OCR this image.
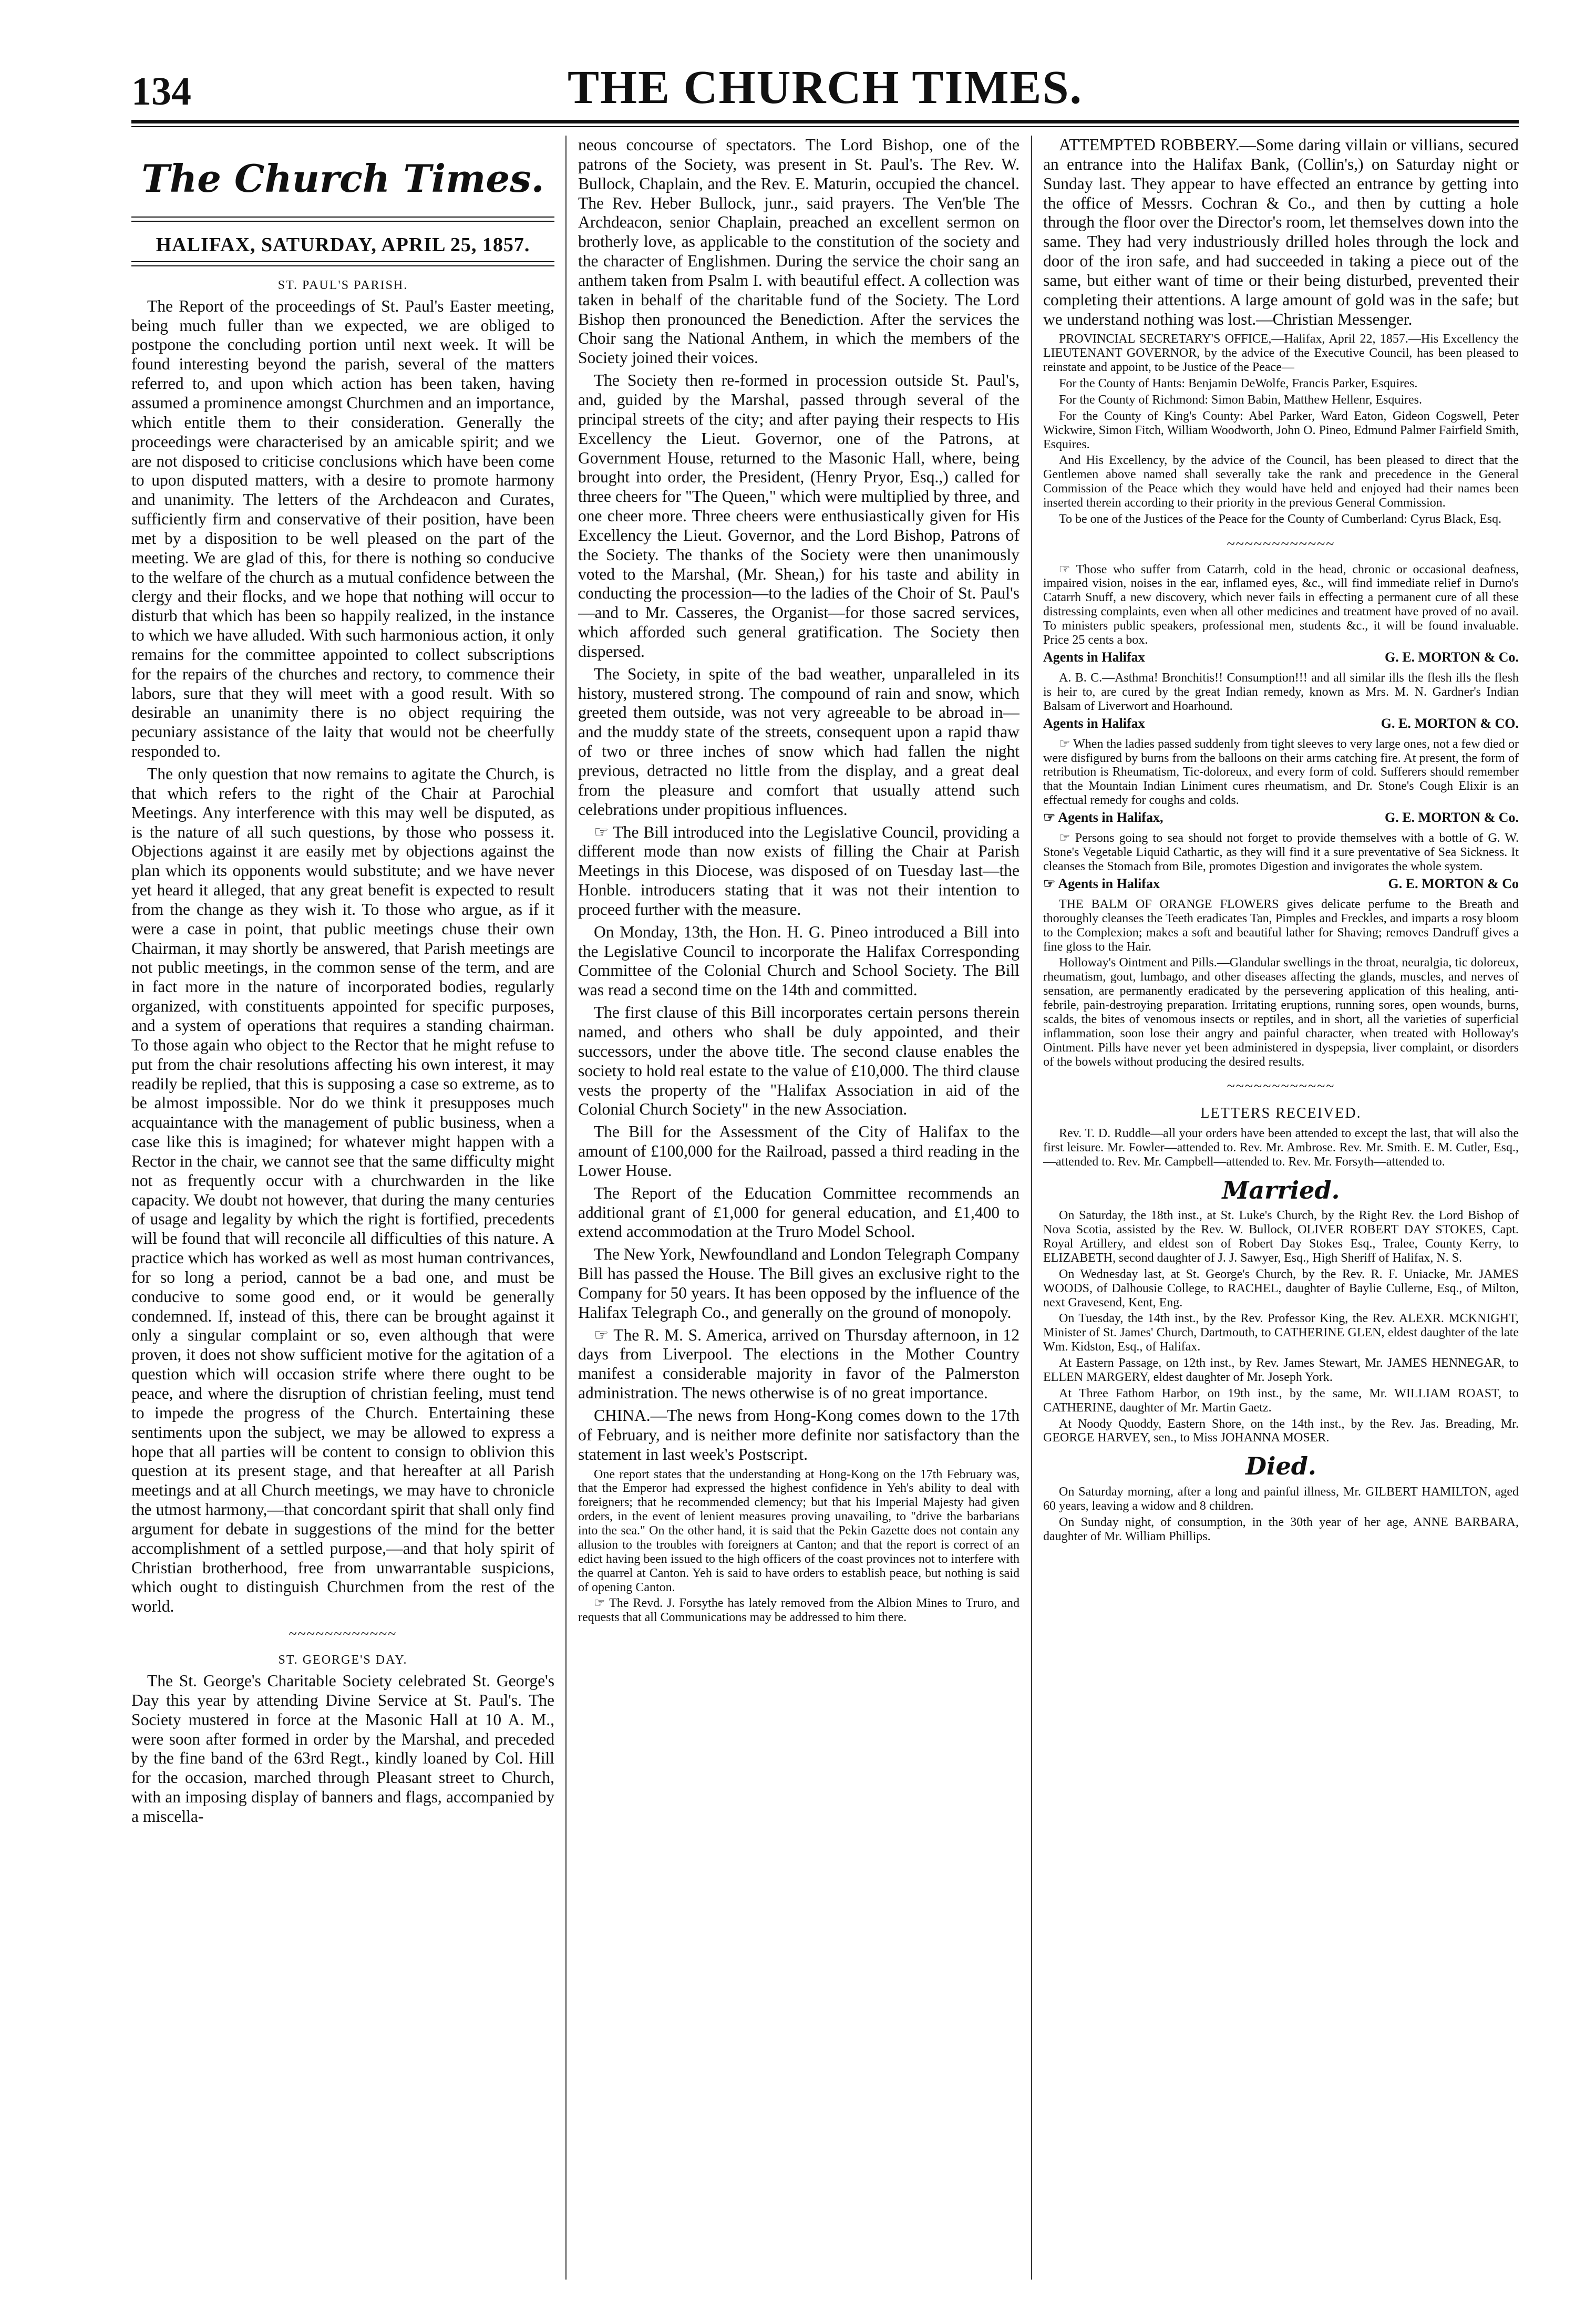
134	THE CHURCH TIMES.
The Church Times.

HALIFAX, SATURDAY, APRIL 25, 1857.

ST. PAUL'S PARISH.

The Report of the proceedings of St. Paul's Easter meeting, being much fuller than we expected, we are obliged to postpone the concluding portion until next week. It will be found interesting beyond the parish, several of the matters referred to, and upon which action has been taken, having assumed a prominence amongst Churchmen and an importance, which entitle them to their consideration. Generally the proceedings were characterised by an amicable spirit; and we are not disposed to criticise conclusions which have been come to upon disputed matters, with a desire to promote harmony and unanimity. The letters of the Archdeacon and Curates, sufficiently firm and conservative of their position, have been met by a disposition to be well pleased on the part of the meeting. We are glad of this, for there is nothing so conducive to the welfare of the church as a mutual confidence between the clergy and their flocks, and we hope that nothing will occur to disturb that which has been so happily realized, in the instance to which we have alluded. With such harmonious action, it only remains for the committee appointed to collect subscriptions for the repairs of the churches and rectory, to commence their labors, sure that they will meet with a good result. With so desirable an unanimity there is no object requiring the pecuniary assistance of the laity that would not be cheerfully responded to.

The only question that now remains to agitate the Church, is that which refers to the right of the Chair at Parochial Meetings. Any interference with this may well be disputed, as is the nature of all such questions, by those who possess it. Objections against it are easily met by objections against the plan which its opponents would substitute; and we have never yet heard it alleged, that any great benefit is expected to result from the change as they wish it. To those who argue, as if it were a case in point, that public meetings chuse their own Chairman, it may shortly be answered, that Parish meetings are not public meetings, in the common sense of the term, and are in fact more in the nature of incorporated bodies, regularly organized, with constituents appointed for specific purposes, and a system of operations that requires a standing chairman. To those again who object to the Rector that he might refuse to put from the chair resolutions affecting his own interest, it may readily be replied, that this is supposing a case so extreme, as to be almost impossible. Nor do we think it presupposes much acquaintance with the management of public business, when a case like this is imagined; for whatever might happen with a Rector in the chair, we cannot see that the same difficulty might not as frequently occur with a churchwarden in the like capacity. We doubt not however, that during the many centuries of usage and legality by which the right is fortified, precedents will be found that will reconcile all difficulties of this nature. A practice which has worked as well as most human contrivances, for so long a period, cannot be a bad one, and must be conducive to some good end, or it would be generally condemned. If, instead of this, there can be brought against it only a singular complaint or so, even although that were proven, it does not show sufficient motive for the agitation of a question which will occasion strife where there ought to be peace, and where the disruption of christian feeling, must tend to impede the progress of the Church. Entertaining these sentiments upon the subject, we may be allowed to express a hope that all parties will be content to consign to oblivion this question at its present stage, and that hereafter at all Parish meetings and at all Church meetings, we may have to chronicle the utmost harmony,—that concordant spirit that shall only find argument for debate in suggestions of the mind for the better accomplishment of a settled purpose,—and that holy spirit of Christian brotherhood, free from unwarrantable suspicions, which ought to distinguish Churchmen from the rest of the world.

~~~~~~~~~~~~

ST. GEORGE'S DAY.

The St. George's Charitable Society celebrated St. George's Day this year by attending Divine Service at St. Paul's. The Society mustered in force at the Masonic Hall at 10 A. M., were soon after formed in order by the Marshal, and preceded by the fine band of the 63rd Regt., kindly loaned by Col. Hill for the occasion, marched through Pleasant street to Church, with an imposing display of banners and flags, accompanied by a miscella-

neous concourse of spectators. The Lord Bishop, one of the patrons of the Society, was present in St. Paul's. The Rev. W. Bullock, Chaplain, and the Rev. E. Maturin, occupied the chancel. The Rev. Heber Bullock, junr., said prayers. The Ven'ble The Archdeacon, senior Chaplain, preached an excellent sermon on brotherly love, as applicable to the constitution of the society and the character of Englishmen. During the service the choir sang an anthem taken from Psalm I. with beautiful effect. A collection was taken in behalf of the charitable fund of the Society. The Lord Bishop then pronounced the Benediction. After the services the Choir sang the National Anthem, in which the members of the Society joined their voices.

The Society then re-formed in procession outside St. Paul's, and, guided by the Marshal, passed through several of the principal streets of the city; and after paying their respects to His Excellency the Lieut. Governor, one of the Patrons, at Government House, returned to the Masonic Hall, where, being brought into order, the President, (Henry Pryor, Esq.,) called for three cheers for "The Queen," which were multiplied by three, and one cheer more. Three cheers were enthusiastically given for His Excellency the Lieut. Governor, and the Lord Bishop, Patrons of the Society. The thanks of the Society were then unanimously voted to the Marshal, (Mr. Shean,) for his taste and ability in conducting the procession—to the ladies of the Choir of St. Paul's—and to Mr. Casseres, the Organist—for those sacred services, which afforded such general gratification. The Society then dispersed.

The Society, in spite of the bad weather, unparalleled in its history, mustered strong. The compound of rain and snow, which greeted them outside, was not very agreeable to be abroad in—and the muddy state of the streets, consequent upon a rapid thaw of two or three inches of snow which had fallen the night previous, detracted no little from the display, and a great deal from the pleasure and comfort that usually attend such celebrations under propitious influences.

☞ The Bill introduced into the Legislative Council, providing a different mode than now exists of filling the Chair at Parish Meetings in this Diocese, was disposed of on Tuesday last—the Honble. introducers stating that it was not their intention to proceed further with the measure.

On Monday, 13th, the Hon. H. G. Pineo introduced a Bill into the Legislative Council to incorporate the Halifax Corresponding Committee of the Colonial Church and School Society. The Bill was read a second time on the 14th and committed.

The first clause of this Bill incorporates certain persons therein named, and others who shall be duly appointed, and their successors, under the above title. The second clause enables the society to hold real estate to the value of £10,000. The third clause vests the property of the "Halifax Association in aid of the Colonial Church Society" in the new Association.

The Bill for the Assessment of the City of Halifax to the amount of £100,000 for the Railroad, passed a third reading in the Lower House.

The Report of the Education Committee recommends an additional grant of £1,000 for general education, and £1,400 to extend accommodation at the Truro Model School.

The New York, Newfoundland and London Telegraph Company Bill has passed the House. The Bill gives an exclusive right to the Company for 50 years. It has been opposed by the influence of the Halifax Telegraph Co., and generally on the ground of monopoly.

☞ The R. M. S. America, arrived on Thursday afternoon, in 12 days from Liverpool. The elections in the Mother Country manifest a considerable majority in favor of the Palmerston administration. The news otherwise is of no great importance.

CHINA.—The news from Hong-Kong comes down to the 17th of February, and is neither more definite nor satisfactory than the statement in last week's Postscript.

One report states that the understanding at Hong-Kong on the 17th February was, that the Emperor had expressed the highest confidence in Yeh's ability to deal with foreigners; that he recommended clemency; but that his Imperial Majesty had given orders, in the event of lenient measures proving unavailing, to "drive the barbarians into the sea." On the other hand, it is said that the Pekin Gazette does not contain any allusion to the troubles with foreigners at Canton; and that the report is correct of an edict having been issued to the high officers of the coast provinces not to interfere with the quarrel at Canton. Yeh is said to have orders to establish peace, but nothing is said of opening Canton.

☞ The Revd. J. Forsythe has lately removed from the Albion Mines to Truro, and requests that all Communications may be addressed to him there.

ATTEMPTED ROBBERY.—Some daring villain or villians, secured an entrance into the Halifax Bank, (Collin's,) on Saturday night or Sunday last. They appear to have effected an entrance by getting into the office of Messrs. Cochran & Co., and then by cutting a hole through the floor over the Director's room, let themselves down into the same. They had very industriously drilled holes through the lock and door of the iron safe, and had succeeded in taking a piece out of the same, but either want of time or their being disturbed, prevented their completing their attentions. A large amount of gold was in the safe; but we understand nothing was lost.—Christian Messenger.

PROVINCIAL SECRETARY'S OFFICE,—Halifax, April 22, 1857.—His Excellency the LIEUTENANT GOVERNOR, by the advice of the Executive Council, has been pleased to reinstate and appoint, to be Justice of the Peace—

For the County of Hants: Benjamin DeWolfe, Francis Parker, Esquires.

For the County of Richmond: Simon Babin, Matthew Hellenr, Esquires.

For the County of King's County: Abel Parker, Ward Eaton, Gideon Cogswell, Peter Wickwire, Simon Fitch, William Woodworth, John O. Pineo, Edmund Palmer Fairfield Smith, Esquires.

And His Excellency, by the advice of the Council, has been pleased to direct that the Gentlemen above named shall severally take the rank and precedence in the General Commission of the Peace which they would have held and enjoyed had their names been inserted therein according to their priority in the previous General Commission.

To be one of the Justices of the Peace for the County of Cumberland: Cyrus Black, Esq.

~~~~~~~~~~~~

☞ Those who suffer from Catarrh, cold in the head, chronic or occasional deafness, impaired vision, noises in the ear, inflamed eyes, &c., will find immediate relief in Durno's Catarrh Snuff, a new discovery, which never fails in effecting a permanent cure of all these distressing complaints, even when all other medicines and treatment have proved of no avail. To ministers public speakers, professional men, students &c., it will be found invaluable. Price 25 cents a box.

Agents in Halifax	G. E. MORTON & Co.

A. B. C.—Asthma! Bronchitis!! Consumption!!! and all similar ills the flesh ills the flesh is heir to, are cured by the great Indian remedy, known as Mrs. M. N. Gardner's Indian Balsam of Liverwort and Hoarhound.

Agents in Halifax	G. E. MORTON & CO.

☞ When the ladies passed suddenly from tight sleeves to very large ones, not a few died or were disfigured by burns from the balloons on their arms catching fire. At present, the form of retribution is Rheumatism, Tic-doloreux, and every form of cold. Sufferers should remember that the Mountain Indian Liniment cures rheumatism, and Dr. Stone's Cough Elixir is an effectual remedy for coughs and colds.

☞ Agents in Halifax,	G. E. MORTON & Co.

☞ Persons going to sea should not forget to provide themselves with a bottle of G. W. Stone's Vegetable Liquid Cathartic, as they will find it a sure preventative of Sea Sickness. It cleanses the Stomach from Bile, promotes Digestion and invigorates the whole system.

☞ Agents in Halifax	G. E. MORTON & Co

THE BALM OF ORANGE FLOWERS gives delicate perfume to the Breath and thoroughly cleanses the Teeth eradicates Tan, Pimples and Freckles, and imparts a rosy bloom to the Complexion; makes a soft and beautiful lather for Shaving; removes Dandruff gives a fine gloss to the Hair.

Holloway's Ointment and Pills.—Glandular swellings in the throat, neuralgia, tic doloreux, rheumatism, gout, lumbago, and other diseases affecting the glands, muscles, and nerves of sensation, are permanently eradicated by the persevering application of this healing, anti-febrile, pain-destroying preparation. Irritating eruptions, running sores, open wounds, burns, scalds, the bites of venomous insects or reptiles, and in short, all the varieties of superficial inflammation, soon lose their angry and painful character, when treated with Holloway's Ointment. Pills have never yet been administered in dyspepsia, liver complaint, or disorders of the bowels without producing the desired results.

~~~~~~~~~~~~

LETTERS RECEIVED.

Rev. T. D. Ruddle—all your orders have been attended to except the last, that will also the first leisure. Mr. Fowler—attended to. Rev. Mr. Ambrose. Rev. Mr. Smith. E. M. Cutler, Esq.,—attended to. Rev. Mr. Campbell—attended to. Rev. Mr. Forsyth—attended to.

Married.

On Saturday, the 18th inst., at St. Luke's Church, by the Right Rev. the Lord Bishop of Nova Scotia, assisted by the Rev. W. Bullock, OLIVER ROBERT DAY STOKES, Capt. Royal Artillery, and eldest son of Robert Day Stokes Esq., Tralee, County Kerry, to ELIZABETH, second daughter of J. J. Sawyer, Esq., High Sheriff of Halifax, N. S.

On Wednesday last, at St. George's Church, by the Rev. R. F. Uniacke, Mr. JAMES WOODS, of Dalhousie College, to RACHEL, daughter of Baylie Cullerne, Esq., of Milton, next Gravesend, Kent, Eng.

On Tuesday, the 14th inst., by the Rev. Professor King, the Rev. ALEXR. MCKNIGHT, Minister of St. James' Church, Dartmouth, to CATHERINE GLEN, eldest daughter of the late Wm. Kidston, Esq., of Halifax.

At Eastern Passage, on 12th inst., by Rev. James Stewart, Mr. JAMES HENNEGAR, to ELLEN MARGERY, eldest daughter of Mr. Joseph York.

At Three Fathom Harbor, on 19th inst., by the same, Mr. WILLIAM ROAST, to CATHERINE, daughter of Mr. Martin Gaetz.

At Noody Quoddy, Eastern Shore, on the 14th inst., by the Rev. Jas. Breading, Mr. GEORGE HARVEY, sen., to Miss JOHANNA MOSER.

Died.

On Saturday morning, after a long and painful illness, Mr. GILBERT HAMILTON, aged 60 years, leaving a widow and 8 children.

On Sunday night, of consumption, in the 30th year of her age, ANNE BARBARA, daughter of Mr. William Phillips.
